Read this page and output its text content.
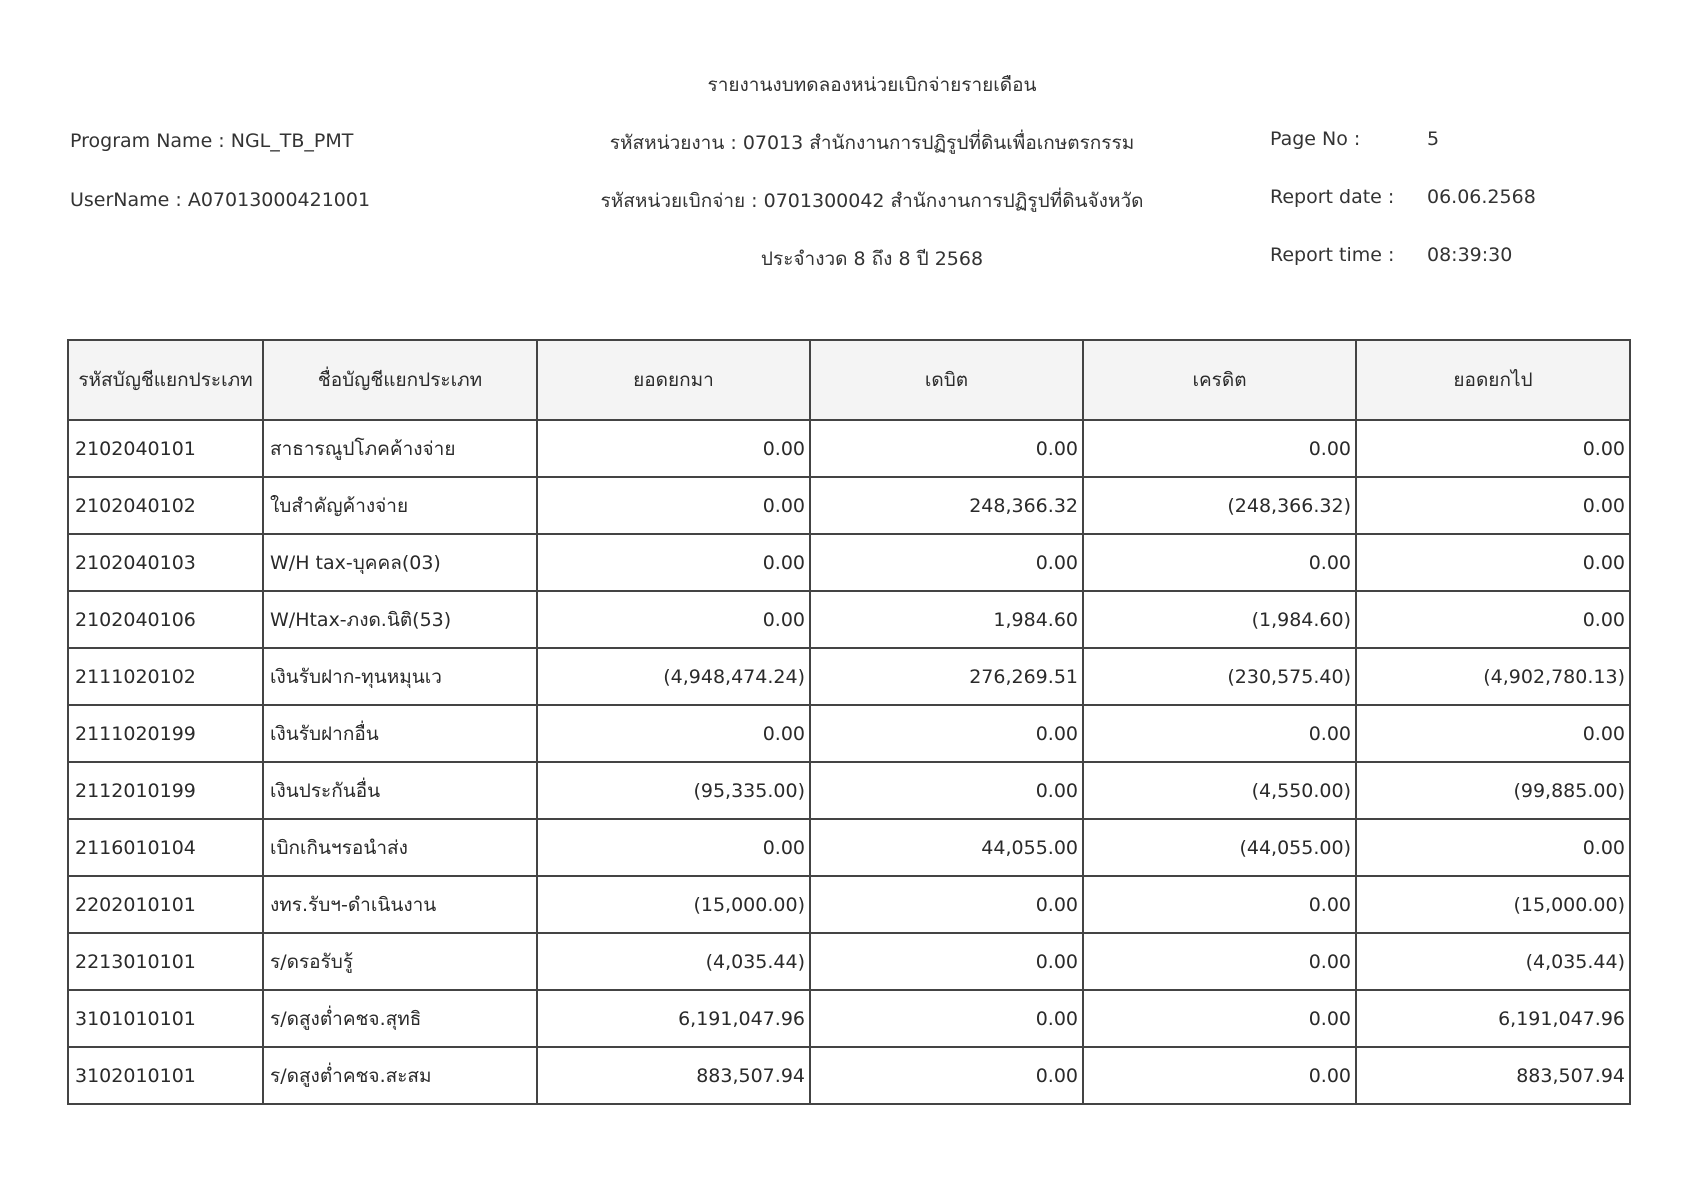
รายงานงบทดลองหน่วยเบิกจ่ายรายเดือน
Program Name : NGL_TB_PMT
UserName : A07013000421001
รหัสหน่วยงาน : 07013 สำนักงานการปฏิรูปที่ดินเพื่อเกษตรกรรม
รหัสหน่วยเบิกจ่าย : 0701300042 สำนักงานการปฏิรูปที่ดินจังหวัด
ประจำงวด 8 ถึง 8 ปี 2568
Page No :	5
Report date : 06.06.2568
Report time : 08:39:30
รหัสบัญชีแยกประเภท	ชื่อบัญชีแยกประเภท	ยอดยกมา	เดบิต	เครดิต	ยอดยกไป
2102040101	สาธารณูปโภคค้างจ่าย	0.00	0.00	0.00	0.00
2102040102	ใบสำคัญค้างจ่าย	0.00	248,366.32	(248,366.32)	0.00
2102040103	W/H tax-บุคคล(03)	0.00	0.00	0.00	0.00
2102040106	W/Htax-ภงด.นิติ(53)	0.00	1,984.60	(1,984.60)	0.00
2111020102	เงินรับฝาก-ทุนหมุนเว	(4,948,474.24)	276,269.51	(230,575.40)	(4,902,780.13)
2111020199	เงินรับฝากอื่น	0.00	0.00	0.00	0.00
2112010199	เงินประกันอื่น	(95,335.00)	0.00	(4,550.00)	(99,885.00)
2116010104	เบิกเกินฯรอนำส่ง	0.00	44,055.00	(44,055.00)	0.00
2202010101	งทร.รับฯ-ดำเนินงาน	(15,000.00)	0.00	0.00	(15,000.00)
2213010101	ร/ดรอรับรู้	(4,035.44)	0.00	0.00	(4,035.44)
3101010101	ร/ดสูงต่ำคชจ.สุทธิ	6,191,047.96	0.00	0.00	6,191,047.96
3102010101	ร/ดสูงต่ำคชจ.สะสม	883,507.94	0.00	0.00	883,507.94
